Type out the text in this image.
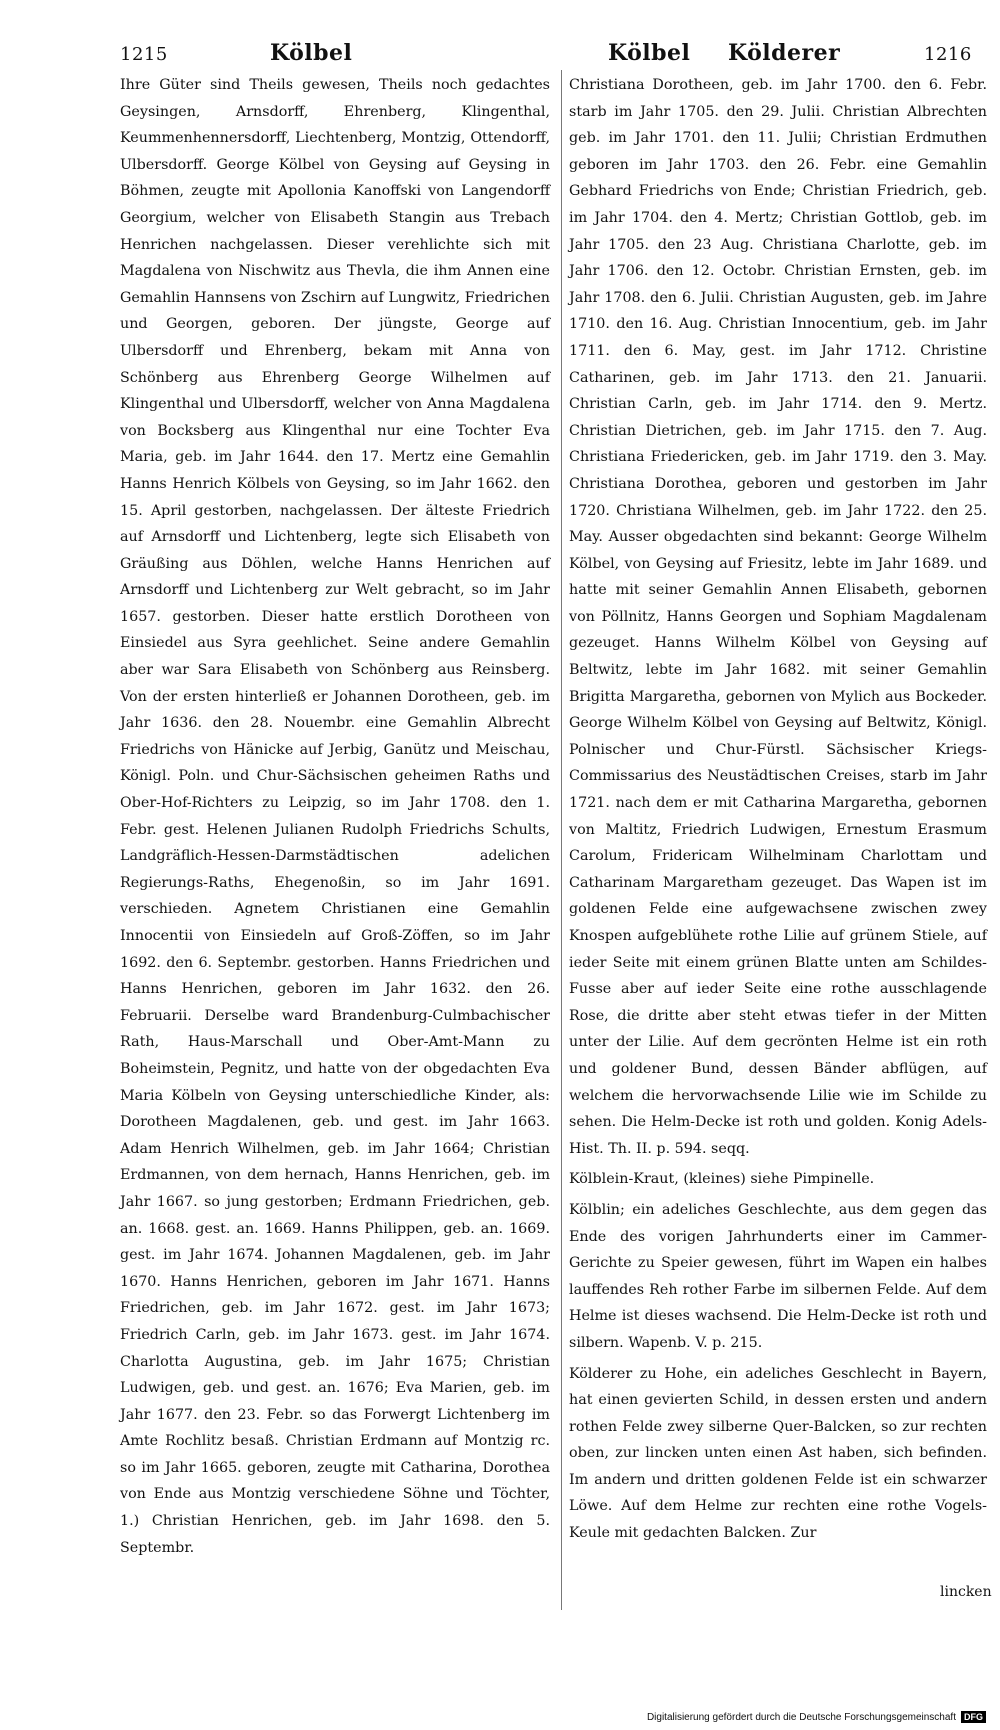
1215	Kölbel	Kölbel Kölderer	1216

Ihre Güter sind Theils gewesen, Theils noch gedachtes Geysingen, Arnsdorff, Ehrenberg, Klingenthal, Keummenhennersdorff, Liechtenberg, Montzig, Ottendorff, Ulbersdorff. George Kölbel von Geysing auf Geysing in Böhmen, zeugte mit Apollonia Kanoffski von Langendorff Georgium, welcher von Elisabeth Stangin aus Trebach Henrichen nachgelassen. Dieser verehlichte sich mit Magdalena von Nischwitz aus Thevla, die ihm Annen eine Gemahlin Hannsens von Zschirn auf Lungwitz, Friedrichen und Georgen, geboren. Der jüngste, George auf Ulbersdorff und Ehrenberg, bekam mit Anna von Schönberg aus Ehrenberg George Wilhelmen auf Klingenthal und Ulbersdorff, welcher von Anna Magdalena von Bocksberg aus Klingenthal nur eine Tochter Eva Maria, geb. im Jahr 1644. den 17. Mertz eine Gemahlin Hanns Henrich Kölbels von Geysing, so im Jahr 1662. den 15. April gestorben, nachgelassen. Der älteste Friedrich auf Arnsdorff und Lichtenberg, legte sich Elisabeth von Gräußing aus Döhlen, welche Hanns Henrichen auf Arnsdorff und Lichtenberg zur Welt gebracht, so im Jahr 1657. gestorben. Dieser hatte erstlich Dorotheen von Einsiedel aus Syra geehlichet. Seine andere Gemahlin aber war Sara Elisabeth von Schönberg aus Reinsberg. Von der ersten hinterließ er Johannen Dorotheen, geb. im Jahr 1636. den 28. Nouembr. eine Gemahlin Albrecht Friedrichs von Hänicke auf Jerbig, Ganütz und Meischau, Königl. Poln. und Chur-Sächsischen geheimen Raths und Ober-Hof-Richters zu Leipzig, so im Jahr 1708. den 1. Febr. gest. Helenen Julianen Rudolph Friedrichs Schults, Landgräflich-Hessen-Darmstädtischen adelichen Regierungs-Raths, Ehegenoßin, so im Jahr 1691. verschieden. Agnetem Christianen eine Gemahlin Innocentii von Einsiedeln auf Groß-Zöffen, so im Jahr 1692. den 6. Septembr. gestorben. Hanns Friedrichen und Hanns Henrichen, geboren im Jahr 1632. den 26. Februarii. Derselbe ward Brandenburg-Culmbachischer Rath, Haus-Marschall und Ober-Amt-Mann zu Boheimstein, Pegnitz, und hatte von der obgedachten Eva Maria Kölbeln von Geysing unterschiedliche Kinder, als: Dorotheen Magdalenen, geb. und gest. im Jahr 1663. Adam Henrich Wilhelmen, geb. im Jahr 1664; Christian Erdmannen, von dem hernach, Hanns Henrichen, geb. im Jahr 1667. so jung gestorben; Erdmann Friedrichen, geb. an. 1668. gest. an. 1669. Hanns Philippen, geb. an. 1669. gest. im Jahr 1674. Johannen Magdalenen, geb. im Jahr 1670. Hanns Henrichen, geboren im Jahr 1671. Hanns Friedrichen, geb. im Jahr 1672. gest. im Jahr 1673; Friedrich Carln, geb. im Jahr 1673. gest. im Jahr 1674. Charlotta Augustina, geb. im Jahr 1675; Christian Ludwigen, geb. und gest. an. 1676; Eva Marien, geb. im Jahr 1677. den 23. Febr. so das Forwergt Lichtenberg im Amte Rochlitz besaß. Christian Erdmann auf Montzig rc. so im Jahr 1665. geboren, zeugte mit Catharina, Dorothea von Ende aus Montzig verschiedene Söhne und Töchter, 1.) Christian Henrichen, geb. im Jahr 1698. den 5. Septembr.

Christiana Dorotheen, geb. im Jahr 1700. den 6. Febr. starb im Jahr 1705. den 29. Julii. Christian Albrechten geb. im Jahr 1701. den 11. Julii; Christian Erdmuthen geboren im Jahr 1703. den 26. Febr. eine Gemahlin Gebhard Friedrichs von Ende; Christian Friedrich, geb. im Jahr 1704. den 4. Mertz; Christian Gottlob, geb. im Jahr 1705. den 23 Aug. Christiana Charlotte, geb. im Jahr 1706. den 12. Octobr. Christian Ernsten, geb. im Jahr 1708. den 6. Julii. Christian Augusten, geb. im Jahre 1710. den 16. Aug. Christian Innocentium, geb. im Jahr 1711. den 6. May, gest. im Jahr 1712. Christine Catharinen, geb. im Jahr 1713. den 21. Januarii. Christian Carln, geb. im Jahr 1714. den 9. Mertz. Christian Dietrichen, geb. im Jahr 1715. den 7. Aug. Christiana Friedericken, geb. im Jahr 1719. den 3. May. Christiana Dorothea, geboren und gestorben im Jahr 1720. Christiana Wilhelmen, geb. im Jahr 1722. den 25. May. Ausser obgedachten sind bekannt: George Wilhelm Kölbel, von Geysing auf Friesitz, lebte im Jahr 1689. und hatte mit seiner Gemahlin Annen Elisabeth, gebornen von Pöllnitz, Hanns Georgen und Sophiam Magdalenam gezeuget. Hanns Wilhelm Kölbel von Geysing auf Beltwitz, lebte im Jahr 1682. mit seiner Gemahlin Brigitta Margaretha, gebornen von Mylich aus Bockeder. George Wilhelm Kölbel von Geysing auf Beltwitz, Königl. Polnischer und Chur-Fürstl. Sächsischer Kriegs-Commissarius des Neustädtischen Creises, starb im Jahr 1721. nach dem er mit Catharina Margaretha, gebornen von Maltitz, Friedrich Ludwigen, Ernestum Erasmum Carolum, Fridericam Wilhelminam Charlottam und Catharinam Margaretham gezeuget. Das Wapen ist im goldenen Felde eine aufgewachsene zwischen zwey Knospen aufgeblühete rothe Lilie auf grünem Stiele, auf ieder Seite mit einem grünen Blatte unten am Schildes-Fusse aber auf ieder Seite eine rothe ausschlagende Rose, die dritte aber steht etwas tiefer in der Mitten unter der Lilie. Auf dem gecrönten Helme ist ein roth und goldener Bund, dessen Bänder abflügen, auf welchem die hervorwachsende Lilie wie im Schilde zu sehen. Die Helm-Decke ist roth und golden. Konig Adels-Hist. Th. II. p. 594. seqq.

Kölblein-Kraut, (kleines) siehe Pimpinelle.

Kölblin; ein adeliches Geschlechte, aus dem gegen das Ende des vorigen Jahrhunderts einer im Cammer-Gerichte zu Speier gewesen, führt im Wapen ein halbes lauffendes Reh rother Farbe im silbernen Felde. Auf dem Helme ist dieses wachsend. Die Helm-Decke ist roth und silbern. Wapenb. V. p. 215.

Kölderer zu Hohe, ein adeliches Geschlecht in Bayern, hat einen gevierten Schild, in dessen ersten und andern rothen Felde zwey silberne Quer-Balcken, so zur rechten oben, zur lincken unten einen Ast haben, sich befinden. Im andern und dritten goldenen Felde ist ein schwarzer Löwe. Auf dem Helme zur rechten eine rothe Vogels-Keule mit gedachten Balcken. Zur

lincken
Digitalisierung gefördert durch die Deutsche Forschungsgemeinschaft DFG
